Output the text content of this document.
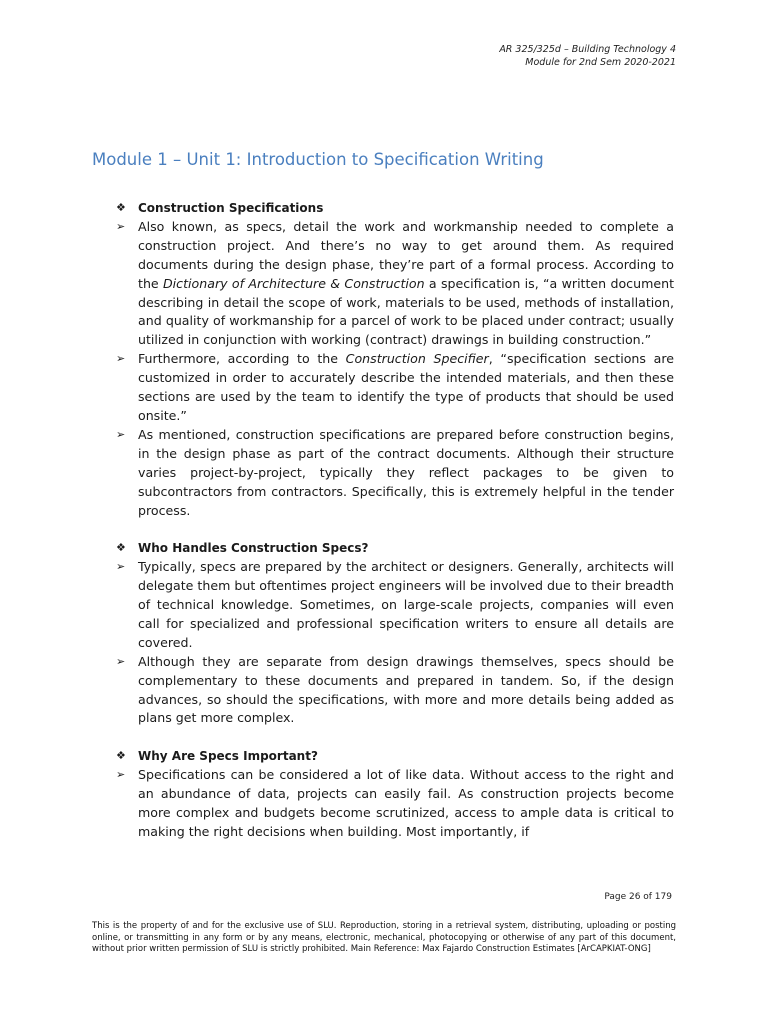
AR 325/325d – Building Technology 4
Module for 2nd Sem 2020-2021
Module 1 – Unit 1: Introduction to Specification Writing
❖	Construction Specifications
➢	Also known, as specs, detail the work and workmanship needed to complete a construction project. And there’s no way to get around them. As required documents during the design phase, they’re part of a formal process. According to the Dictionary of Architecture & Construction a specification is, “a written document describing in detail the scope of work, materials to be used, methods of installation, and quality of workmanship for a parcel of work to be placed under contract; usually utilized in conjunction with working (contract) drawings in building construction.”
➢	Furthermore, according to the Construction Specifier, “specification sections are customized in order to accurately describe the intended materials, and then these sections are used by the team to identify the type of products that should be used onsite.”
➢	As mentioned, construction specifications are prepared before construction begins, in the design phase as part of the contract documents. Although their structure varies project-by-project, typically they reflect packages to be given to subcontractors from contractors. Specifically, this is extremely helpful in the tender process.
❖	Who Handles Construction Specs?
➢	Typically, specs are prepared by the architect or designers. Generally, architects will delegate them but oftentimes project engineers will be involved due to their breadth of technical knowledge. Sometimes, on large-scale projects, companies will even call for specialized and professional specification writers to ensure all details are covered.
➢	Although they are separate from design drawings themselves, specs should be complementary to these documents and prepared in tandem. So, if the design advances, so should the specifications, with more and more details being added as plans get more complex.
❖	Why Are Specs Important?
➢	Specifications can be considered a lot of like data. Without access to the right and an abundance of data, projects can easily fail. As construction projects become more complex and budgets become scrutinized, access to ample data is critical to making the right decisions when building. Most importantly, if
Page 26 of 179
This is the property of and for the exclusive use of SLU. Reproduction, storing in a retrieval system, distributing, uploading or posting online, or transmitting in any form or by any means, electronic, mechanical, photocopying or otherwise of any part of this document, without prior written permission of SLU is strictly prohibited. Main Reference: Max Fajardo Construction Estimates [ArCAPKIAT-ONG]
